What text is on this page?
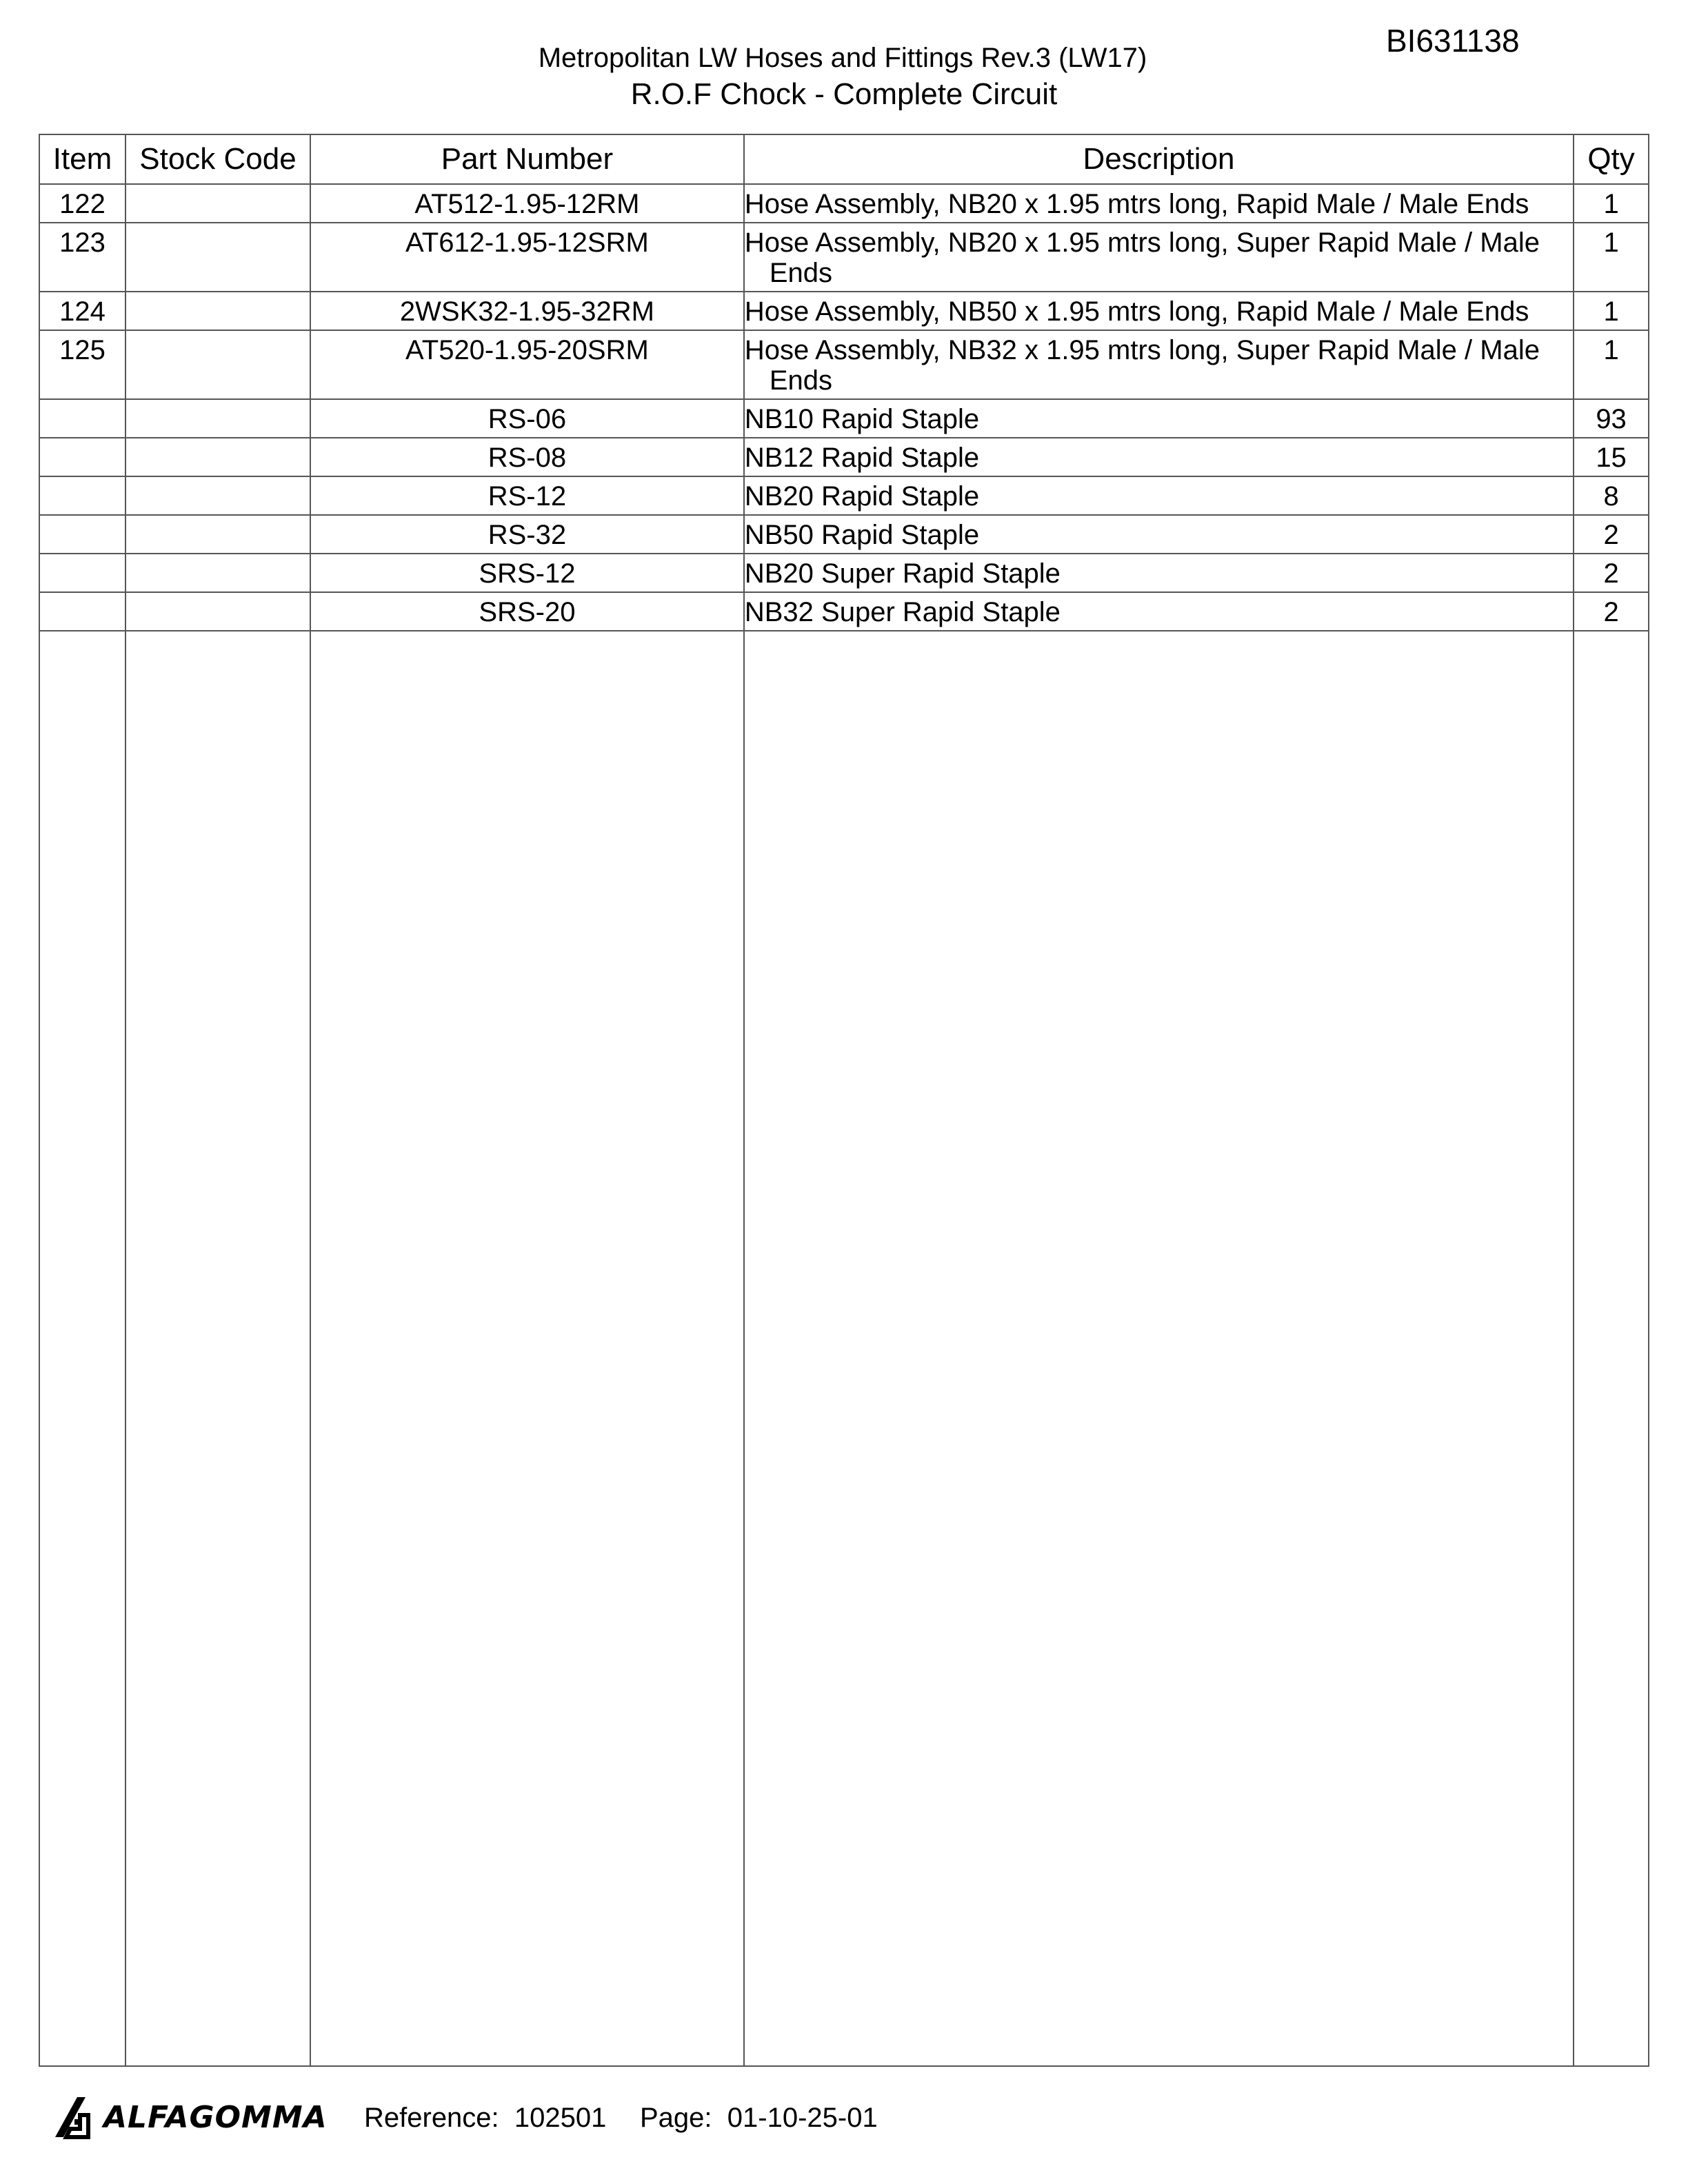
BI631138
Metropolitan LW Hoses and Fittings Rev.3 (LW17)
R.O.F Chock - Complete Circuit
Item	Stock Code	Part Number	Description	Qty
122		AT512-1.95-12RM	Hose Assembly, NB20 x 1.95 mtrs long, Rapid Male / Male Ends	1
123		AT612-1.95-12SRM	Hose Assembly, NB20 x 1.95 mtrs long, Super Rapid Male / Male
Ends	1
124		2WSK32-1.95-32RM	Hose Assembly, NB50 x 1.95 mtrs long, Rapid Male / Male Ends	1
125		AT520-1.95-20SRM	Hose Assembly, NB32 x 1.95 mtrs long, Super Rapid Male / Male
Ends	1
		RS-06	NB10 Rapid Staple	93
		RS-08	NB12 Rapid Staple	15
		RS-12	NB20 Rapid Staple	8
		RS-32	NB50 Rapid Staple	2
		SRS-12	NB20 Super Rapid Staple	2
		SRS-20	NB32 Super Rapid Staple	2

ALFAGOMMA Reference: 102501 Page: 01-10-25-01
